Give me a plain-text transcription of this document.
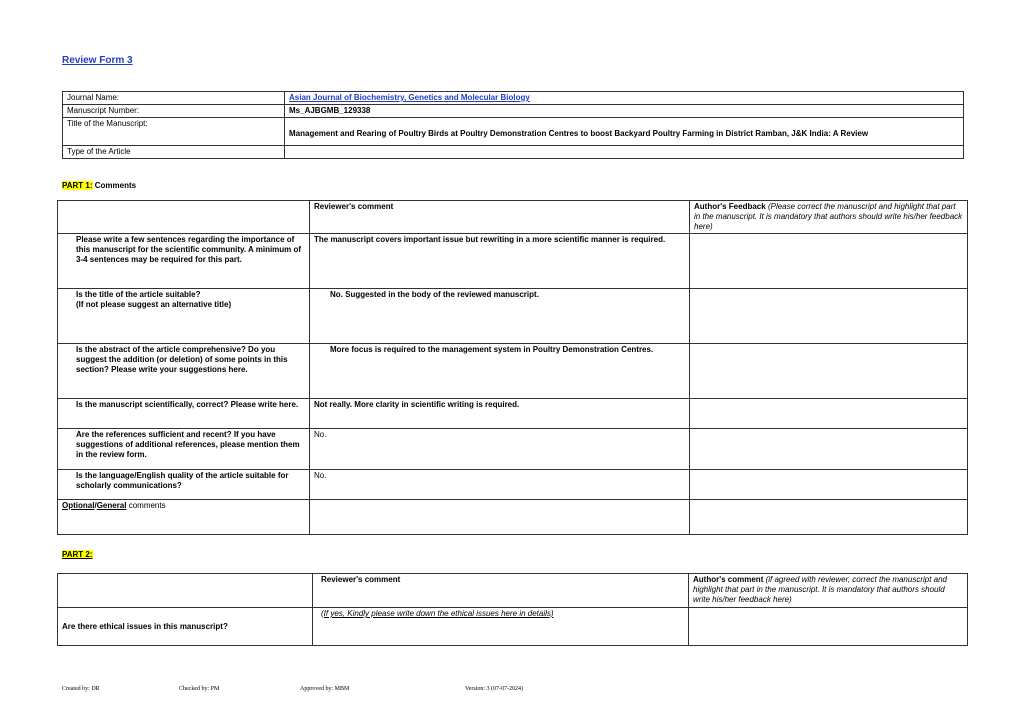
Review Form 3
Journal Name:	Asian Journal of Biochemistry, Genetics and Molecular Biology
Manuscript Number:	Ms_AJBGMB_129338
Title of the Manuscript:	Management and Rearing of Poultry Birds at Poultry Demonstration Centres to boost Backyard Poultry Farming in District Ramban, J&K India: A Review
Type of the Article	
PART 1: Comments
	Reviewer's comment	Author's Feedback (Please correct the manuscript and highlight that part in the manuscript. It is mandatory that authors should write his/her feedback here)
Please write a few sentences regarding the importance of this manuscript for the scientific community. A minimum of 3-4 sentences may be required for this part.	The manuscript covers important issue but rewriting in a more scientific manner is required.	
Is the title of the article suitable?
(If not please suggest an alternative title)	No. Suggested in the body of the reviewed manuscript.	
Is the abstract of the article comprehensive? Do you suggest the addition (or deletion) of some points in this section? Please write your suggestions here.	More focus is required to the management system in Poultry Demonstration Centres.	
Is the manuscript scientifically, correct? Please write here.	Not really. More clarity in scientific writing is required.	
Are the references sufficient and recent? If you have suggestions of additional references, please mention them in the review form.	No.	
Is the language/English quality of the article suitable for scholarly communications?	No.	
Optional/General comments		
PART 2:
	Reviewer's comment	Author's comment (if agreed with reviewer, correct the manuscript and highlight that part in the manuscript. It is mandatory that authors should write his/her feedback here)
Are there ethical issues in this manuscript?	(If yes, Kindly please write down the ethical issues here in details)	
Created by: DR	Checked by: PM	Approved by: MBM	Version: 3 (07-07-2024)
